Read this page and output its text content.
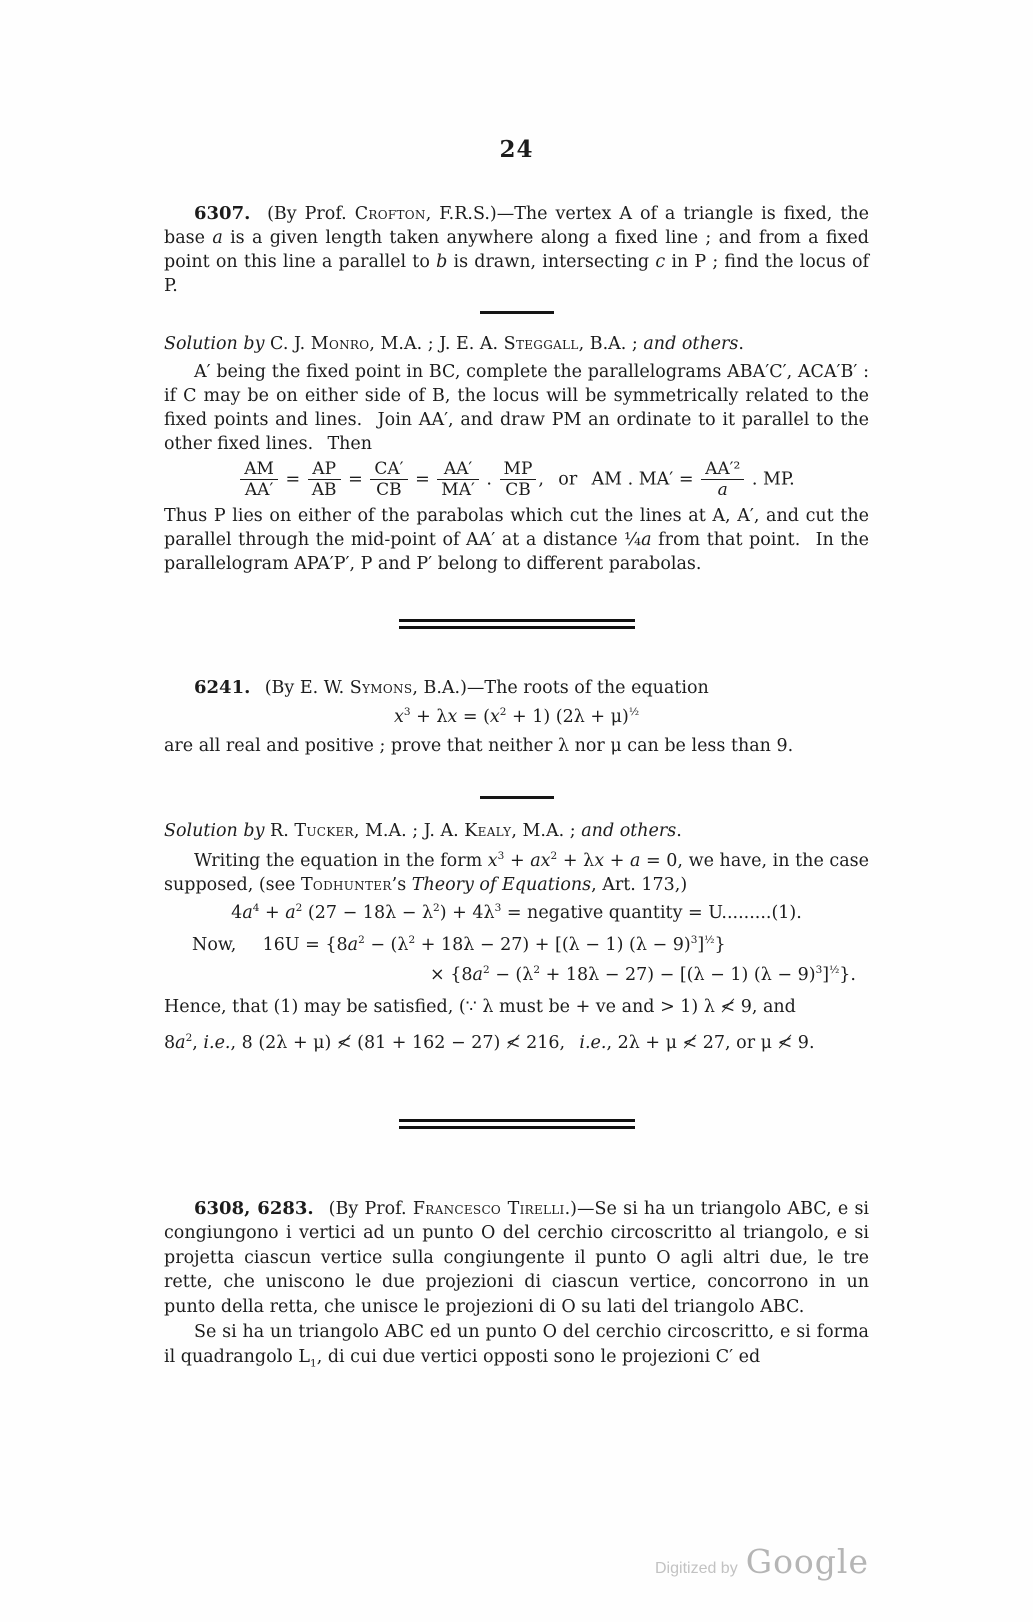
24

6307.  (By Prof. Crofton, F.R.S.)—The vertex A of a triangle is fixed, the base a is a given length taken anywhere along a fixed line ; and from a fixed point on this line a parallel to b is drawn, intersecting c in P ; find the locus of P.

Solution by C. J. Monro, M.A. ; J. E. A. Steggall, B.A. ; and others.

A′ being the fixed point in BC, complete the parallelograms ABA′C′, ACA′B′ : if C may be on either side of B, the locus will be symmetrically related to the fixed points and lines.  Join AA′, and draw PM an ordinate to it parallel to the other fixed lines.  Then

$\frac{AM}{AA'} = \frac{AP}{AB} = \frac{CA'}{CB} = \frac{AA'}{MA'}$ . $\frac{MP}{CB}$ ,  or  AM . $MA' = \frac{\text{AA′²}}{a}$ . MP.

Thus P lies on either of the parabolas which cut the lines at A, A′, and cut the parallel through the mid-point of AA′ at a distance ¼a from that point.  In the parallelogram APA′P′, P and P′ belong to different parabolas.

6241.  (By E. W. Symons, B.A.)—The roots of the equation

$x^3 + \lambda x = (x^2 + 1) (2\lambda + \mu)^{\frac{1}{2}}$

are all real and positive ; prove that neither λ nor μ can be less than 9.

Solution by R. Tucker, M.A. ; J. A. Kealy, M.A. ; and others.

Writing the equation in the form $x^3 + ax^2 + \lambda x + a = 0$, we have, in the case supposed, (see Todhunter’s Theory of Equations, Art. 173,)

$4a^4 + a^2$ $(27 - 18\lambda - \lambda^2) + 4\lambda^3$ = negative quantity = U.........(1).
Now,  $16U = \{8a^2 - (\lambda^2 + 18\lambda - 27) + [(\lambda - 1) (\lambda - 9)^3]^{\frac{1}{2}}\}$
× $\{8a^2 - (\lambda^2 + 18\lambda - 27) - [(\lambda - 1) (\lambda - 9)^3]^{\frac{1}{2}}\}$.

Hence, that (1) may be satisfied, (∵ λ must be + ve and > 1) λ ≮ 9, and

$8a^2$, i.e., 8 (2λ + μ) ≮ (81 + 162 − 27) ≮ 216,  i.e., 2λ + μ ≮ 27, or μ ≮ 9.

6308, 6283.  (By Prof. Francesco Tirelli.)—Se si ha un triangolo ABC, e si congiungono i vertici ad un punto O del cerchio circoscritto al triangolo, e si projetta ciascun vertice sulla congiungente il punto O agli altri due, le tre rette, che uniscono le due projezioni di ciascun vertice, concorrono in un punto della retta, che unisce le projezioni di O su lati del triangolo ABC.

Se si ha un triangolo ABC ed un punto O del cerchio circoscritto, e si forma il quadrangolo $L_1$, di cui due vertici opposti sono le projezioni C′ ed

Digitized by Google
